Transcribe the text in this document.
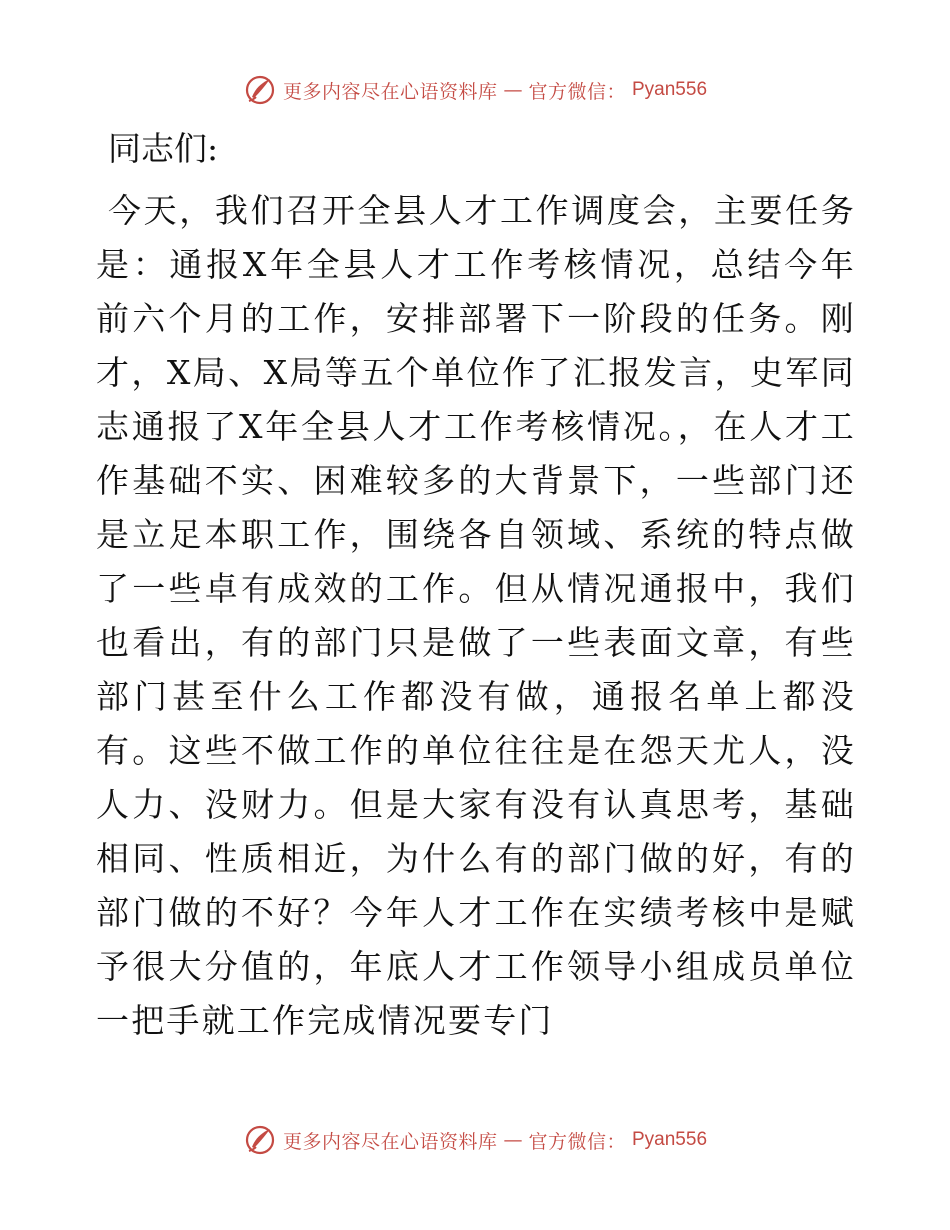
更多内容尽在心语资料库 — 官方微信： Pyan556

同志们:

今天，我们召开全县人才工作调度会，主要任务是：通报X年全县人才工作考核情况，总结今年前六个月的工作，安排部署下一阶段的任务。刚才，X局、X局等五个单位作了汇报发言，史军同志通报了X年全县人才工作考核情况。，在人才工作基础不实、困难较多的大背景下，一些部门还是立足本职工作，围绕各自领域、系统的特点做了一些卓有成效的工作。但从情况通报中，我们也看出，有的部门只是做了一些表面文章，有些部门甚至什么工作都没有做，通报名单上都没有。这些不做工作的单位往往是在怨天尤人，没人力、没财力。但是大家有没有认真思考，基础相同、性质相近，为什么有的部门做的好，有的部门做的不好？今年人才工作在实绩考核中是赋予很大分值的，年底人才工作领导小组成员单位一把手就工作完成情况要专门

更多内容尽在心语资料库 — 官方微信： Pyan556
